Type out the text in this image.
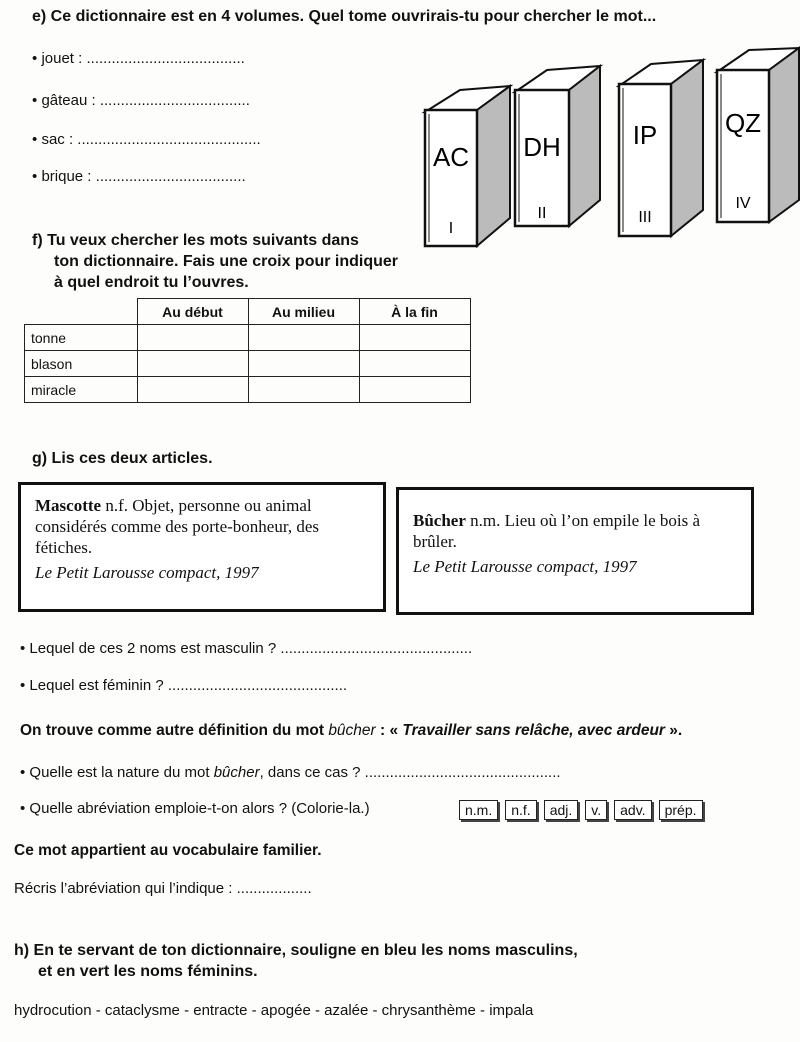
e) Ce dictionnaire est en 4 volumes. Quel tome ouvrirais-tu pour chercher le mot...
• jouet : ......................................
• gâteau : ....................................
• sac : ............................................
• brique : ....................................
AC
I
DH
II
IP
III
QZ
IV
f) Tu veux chercher les mots suivants dans
ton dictionnaire. Fais une croix pour indiquer
à quel endroit tu l’ouvres.
	Au début	Au milieu	À la fin
tonne			
blason			
miracle			
g) Lis ces deux articles.
Mascotte n.f. Objet, personne ou animal considérés comme des porte-bonheur, des fétiches.
Le Petit Larousse compact, 1997
Bûcher n.m. Lieu où l’on empile le bois à brûler.
Le Petit Larousse compact, 1997
• Lequel de ces 2 noms est masculin ? ..............................................
• Lequel est féminin ? ...........................................
On trouve comme autre définition du mot bûcher : « Travailler sans relâche, avec ardeur ».
• Quelle est la nature du mot bûcher, dans ce cas ? ...............................................
• Quelle abréviation emploie-t-on alors ? (Colorie-la.)	n.m. n.f. adj. v. adv. prép.
Ce mot appartient au vocabulaire familier.
Récris l’abréviation qui l’indique : ..................
h) En te servant de ton dictionnaire, souligne en bleu les noms masculins,
et en vert les noms féminins.
hydrocution - cataclysme - entracte - apogée - azalée - chrysanthème - impala
